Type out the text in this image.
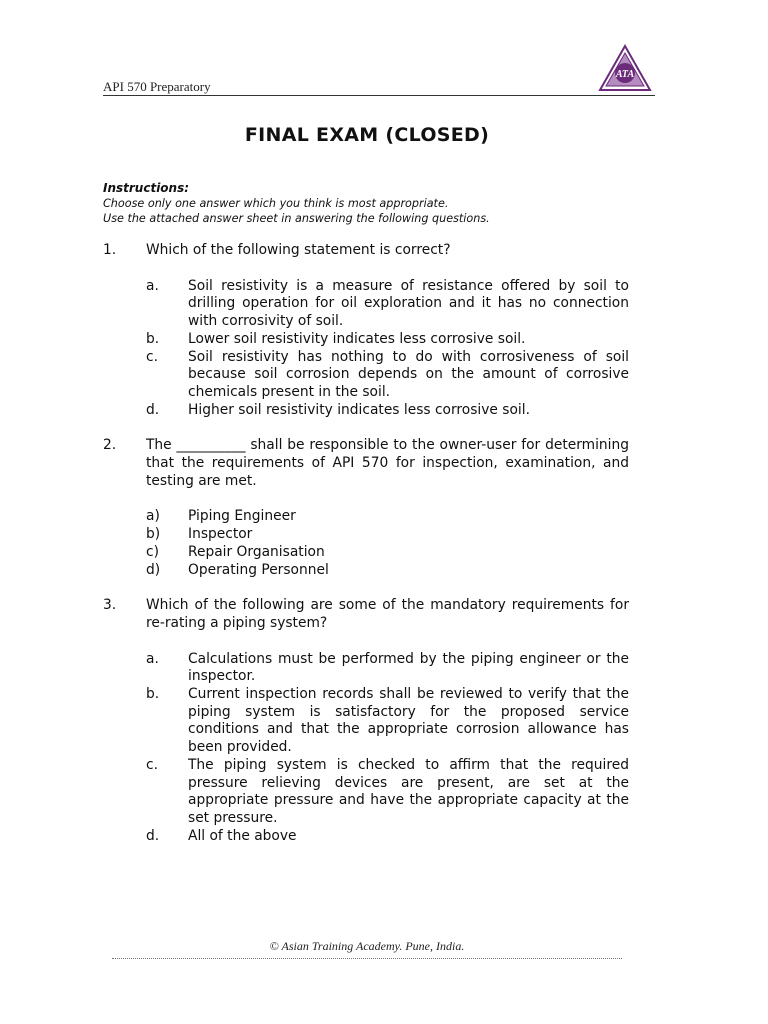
API 570 Preparatory
ATA
FINAL EXAM (CLOSED)
Instructions:
Choose only one answer which you think is most appropriate.
Use the attached answer sheet in answering the following questions.
1.	Which of the following statement is correct?
a.	Soil resistivity is a measure of resistance offered by soil to drilling operation for oil exploration and it has no connection with corrosivity of soil.
b.	Lower soil resistivity indicates less corrosive soil.
c.	Soil resistivity has nothing to do with corrosiveness of soil because soil corrosion depends on the amount of corrosive chemicals present in the soil.
d.	Higher soil resistivity indicates less corrosive soil.
2.	The __________ shall be responsible to the owner-user for determining that the requirements of API 570 for inspection, examination, and testing are met.
a)	Piping Engineer
b)	Inspector
c)	Repair Organisation
d)	Operating Personnel
3.	Which of the following are some of the mandatory requirements for re-rating a piping system?
a.	Calculations must be performed by the piping engineer or the inspector.
b.	Current inspection records shall be reviewed to verify that the piping system is satisfactory for the proposed service conditions and that the appropriate corrosion allowance has been provided.
c.	The piping system is checked to affirm that the required pressure relieving devices are present, are set at the appropriate pressure and have the appropriate capacity at the set pressure.
d.	All of the above
© Asian Training Academy. Pune, India.
